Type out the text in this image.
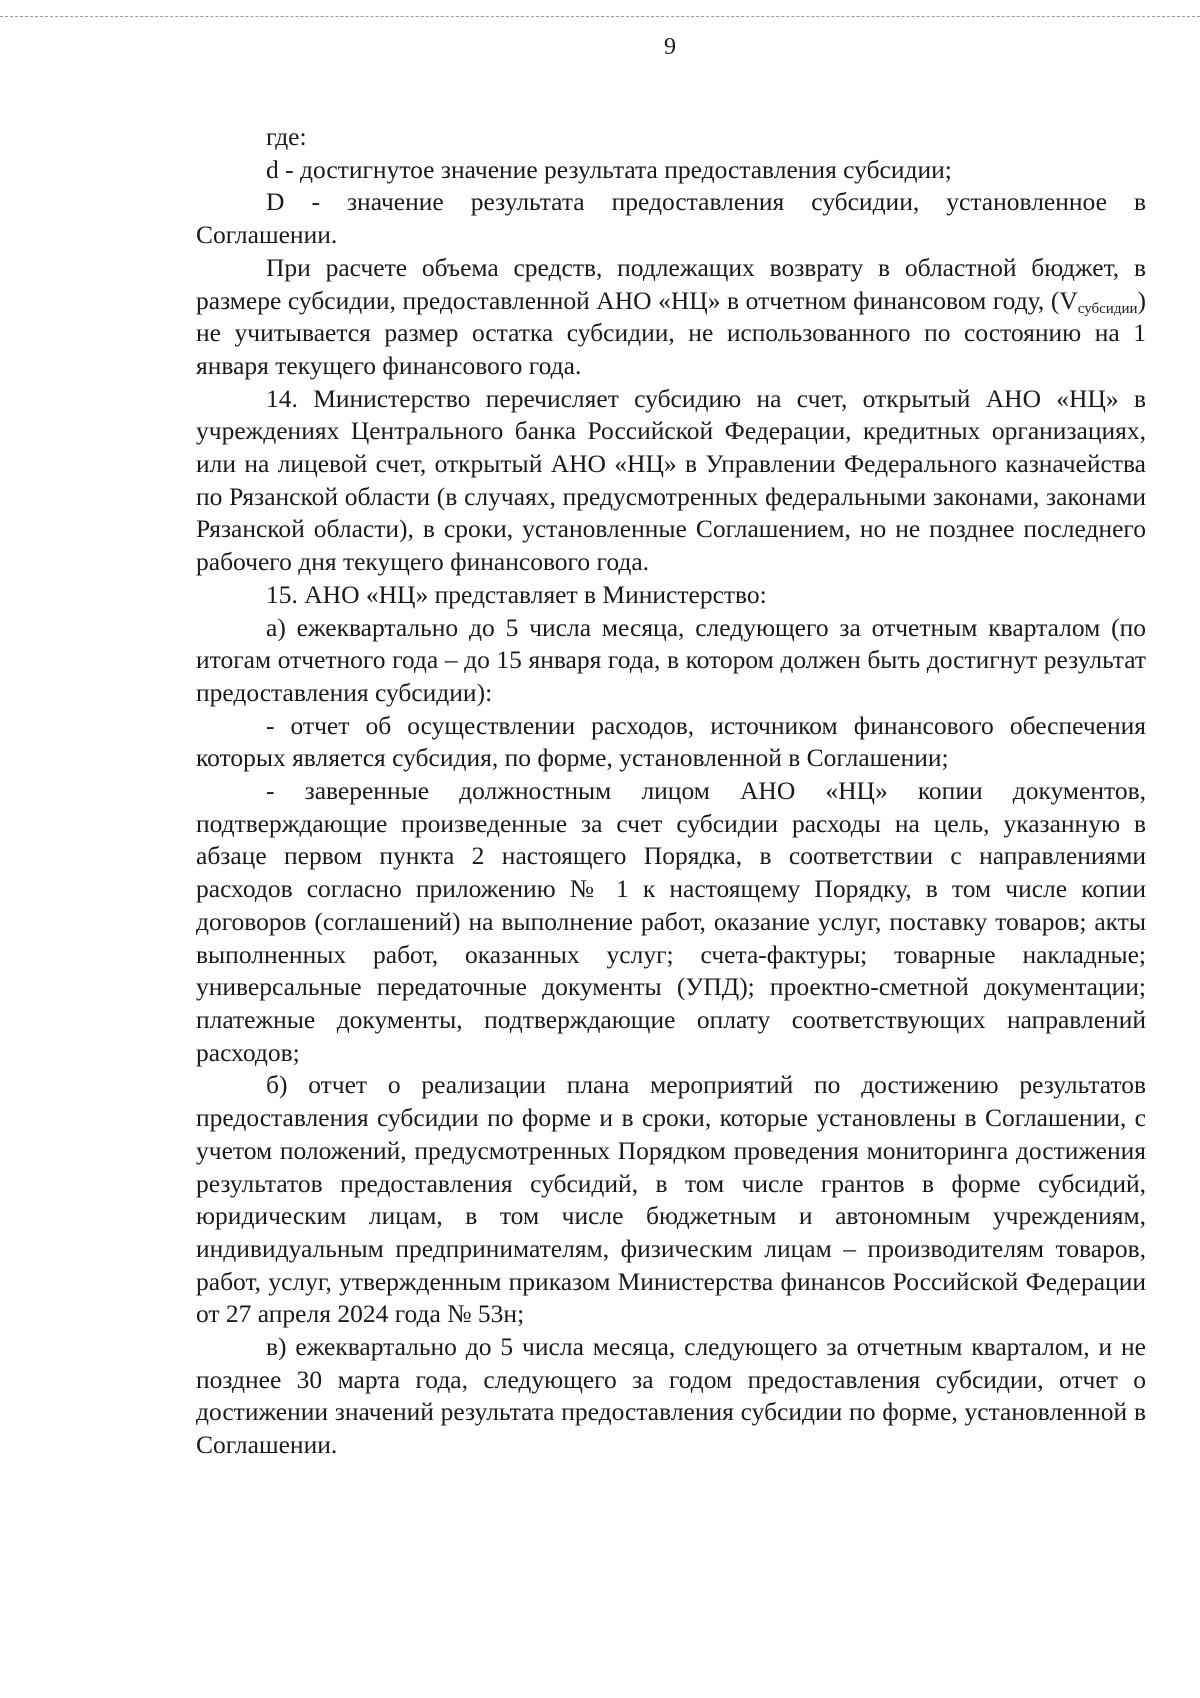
9

где:

d - достигнутое значение результата предоставления субсидии;

D - значение результата предоставления субсидии, установленное в Соглашении.

При расчете объема средств, подлежащих возврату в областной бюджет, в размере субсидии, предоставленной АНО «НЦ» в отчетном финансовом году, $(V_{субсидии})$ не учитывается размер остатка субсидии, не использованного по состоянию на 1 января текущего финансового года.

14. Министерство перечисляет субсидию на счет, открытый АНО «НЦ» в учреждениях Центрального банка Российской Федерации, кредитных организациях, или на лицевой счет, открытый АНО «НЦ» в Управлении Федерального казначейства по Рязанской области (в случаях, предусмотренных федеральными законами, законами Рязанской области), в сроки, установленные Соглашением, но не позднее последнего рабочего дня текущего финансового года.

15. АНО «НЦ» представляет в Министерство:

а) ежеквартально до 5 числа месяца, следующего за отчетным кварталом (по итогам отчетного года – до 15 января года, в котором должен быть достигнут результат предоставления субсидии):

- отчет об осуществлении расходов, источником финансового обеспечения которых является субсидия, по форме, установленной в Соглашении;

- заверенные должностным лицом АНО «НЦ» копии документов, подтверждающие произведенные за счет субсидии расходы на цель, указанную в абзаце первом пункта 2 настоящего Порядка, в соответствии с направлениями расходов согласно приложению № 1 к настоящему Порядку, в том числе копии договоров (соглашений) на выполнение работ, оказание услуг, поставку товаров; акты выполненных работ, оказанных услуг; счета-фактуры; товарные накладные; универсальные передаточные документы (УПД); проектно-сметной документации; платежные документы, подтверждающие оплату соответствующих направлений расходов;

б) отчет о реализации плана мероприятий по достижению результатов предоставления субсидии по форме и в сроки, которые установлены в Соглашении, с учетом положений, предусмотренных Порядком проведения мониторинга достижения результатов предоставления субсидий, в том числе грантов в форме субсидий, юридическим лицам, в том числе бюджетным и автономным учреждениям, индивидуальным предпринимателям, физическим лицам – производителям товаров, работ, услуг, утвержденным приказом Министерства финансов Российской Федерации от 27 апреля 2024 года № 53н;

в) ежеквартально до 5 числа месяца, следующего за отчетным кварталом, и не позднее 30 марта года, следующего за годом предоставления субсидии, отчет о достижении значений результата предоставления субсидии по форме, установленной в Соглашении.
